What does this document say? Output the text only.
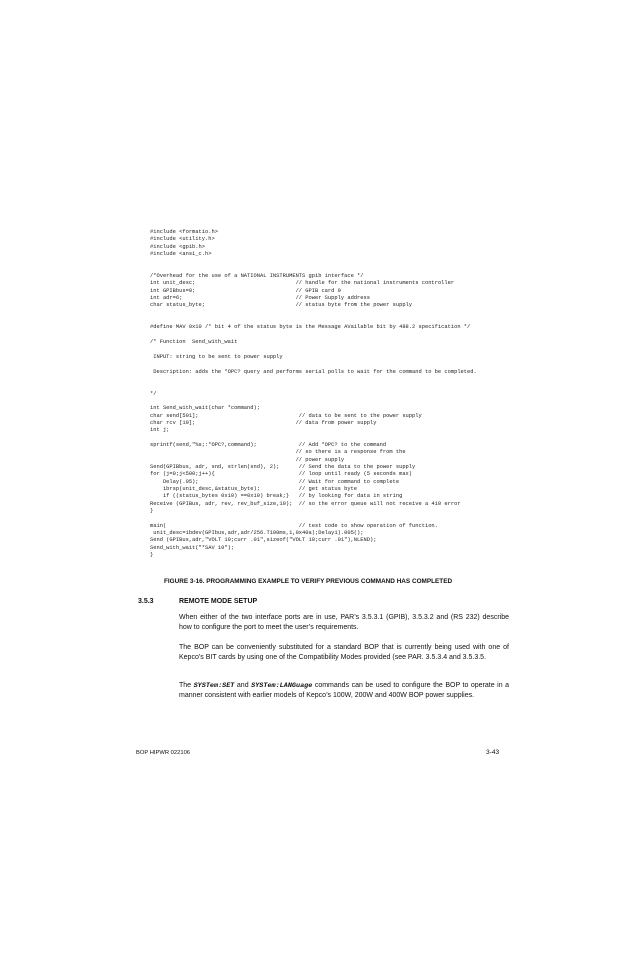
#include <formatio.h>
#include <utility.h>
#include <gpib.h>
#include <ansi_c.h>
/*Overhead for the use of a NATIONAL INSTRUMENTS gpib interface */
int unit_desc;                               // handle for the national instruments controller
int GPIBbus=0;                               // GPIB card 0
int adr=6;                                   // Power Supply address
char status_byte;                            // status byte from the power supply
#define MAV 0x10 /* bit 4 of the status byte is the Message AVailable bit by 488.2 specification */
/* Function  Send_with_wait
INPUT: string to be sent to power supply
Description: adds the *OPC? query and performs serial polls to wait for the command to be completed.
*/
int Send_with_wait(char *command);
char send[501];                               // data to be sent to the power supply
char rcv [10];                               // data from power supply
int j;
sprintf(send,"%s;:*OPC?,command);             // Add *OPC? to the command
// so there is a response from the
// power supply
Send(GPIBbus, adr, snd, strlen(snd), 2);      // Send the data to the power supply
for (j=0;j<500;j++){                          // loop until ready (5 seconds max)
Delay(.05);                               // Wait for command to complete
ibrsp(unit_desc,&status_byte);            // get status byte
if ((status_bytes 0x10) ==0x10) break;}   // by looking for data in string
Receive (GPIBus, adr, rev, rev_buf_size,10);  // so the error queue will not receive a 410 error
}
main(                                         // test code to show operation of function.
unit_desc=ibdev(GPIbus,adr,adr/256.T100ms,1,0x40a);Delay1).005();
Send (GPIBus,adr,"VOLT 10;curr .01",sizeof("VOLT 10;curr .01"),NLEND);
Send_with_wait("*SAV 10");
}
FIGURE 3-16. PROGRAMMING EXAMPLE TO VERIFY PREVIOUS COMMAND HAS COMPLETED
3.5.3	REMOTE MODE SETUP

When either of the two interface ports are in use, PAR’s 3.5.3.1 (GPIB), 3.5.3.2 and (RS 232) describe how to configure the port to meet the user’s requirements.

The BOP can be conveniently substituted for a standard BOP that is currently being used with one of Kepco’s BIT cards by using one of the Compatibility Modes provided (see PAR. 3.5.3.4 and 3.5.3.5.

The SYSTem:SET and SYSTem:LANGuage commands can be used to configure the BOP to operate in a manner consistent with earlier models of Kepco’s 100W, 200W and 400W BOP power supplies.

BOP HIPWR 022106	3-43
